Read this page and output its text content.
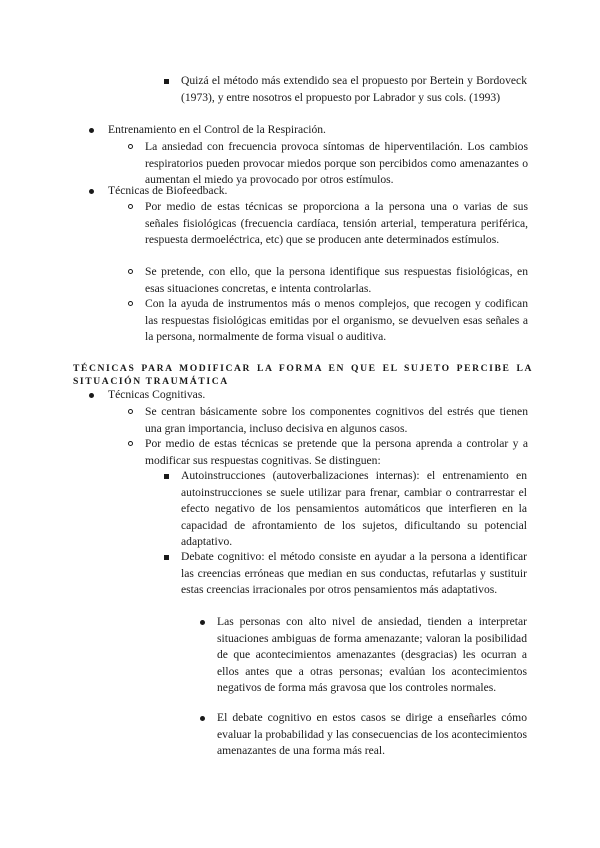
Quizá el método más extendido sea el propuesto por Bertein y Bordoveck (1973), y entre nosotros el propuesto por Labrador y sus cols. (1993)
Entrenamiento en el Control de la Respiración.
La ansiedad con frecuencia provoca síntomas de hiperventilación. Los cambios respiratorios pueden provocar miedos porque son percibidos como amenazantes o aumentan el miedo ya provocado por otros estímulos.
Técnicas de Biofeedback.
Por medio de estas técnicas se proporciona a la persona una o varias de sus señales fisiológicas (frecuencia cardíaca, tensión arterial, temperatura periférica, respuesta dermoeléctrica, etc) que se producen ante determinados estímulos.
Se pretende, con ello, que la persona identifique sus respuestas fisiológicas, en esas situaciones concretas, e intenta controlarlas.
Con la ayuda de instrumentos más o menos complejos, que recogen y codifican las respuestas fisiológicas emitidas por el organismo, se devuelven esas señales a la persona, normalmente de forma visual o auditiva.
TÉCNICAS PARA MODIFICAR LA FORMA EN QUE EL SUJETO PERCIBE LA SITUACIÓN TRAUMÁTICA
Técnicas Cognitivas.
Se centran básicamente sobre los componentes cognitivos del estrés que tienen una gran importancia, incluso decisiva en algunos casos.
Por medio de estas técnicas se pretende que la persona aprenda a controlar y a modificar sus respuestas cognitivas. Se distinguen:
Autoinstrucciones (autoverbalizaciones internas): el entrenamiento en autoinstrucciones se suele utilizar para frenar, cambiar o contrarrestar el efecto negativo de los pensamientos automáticos que interfieren en la capacidad de afrontamiento de los sujetos, dificultando su potencial adaptativo.
Debate cognitivo: el método consiste en ayudar a la persona a identificar las creencias erróneas que median en sus conductas, refutarlas y sustituir estas creencias irracionales por otros pensamientos más adaptativos.
Las personas con alto nivel de ansiedad, tienden a interpretar situaciones ambiguas de forma amenazante; valoran la posibilidad de que acontecimientos amenazantes (desgracias) les ocurran a ellos antes que a otras personas; evalúan los acontecimientos negativos de forma más gravosa que los controles normales.
El debate cognitivo en estos casos se dirige a enseñarles cómo evaluar la probabilidad y las consecuencias de los acontecimientos amenazantes de una forma más real.
